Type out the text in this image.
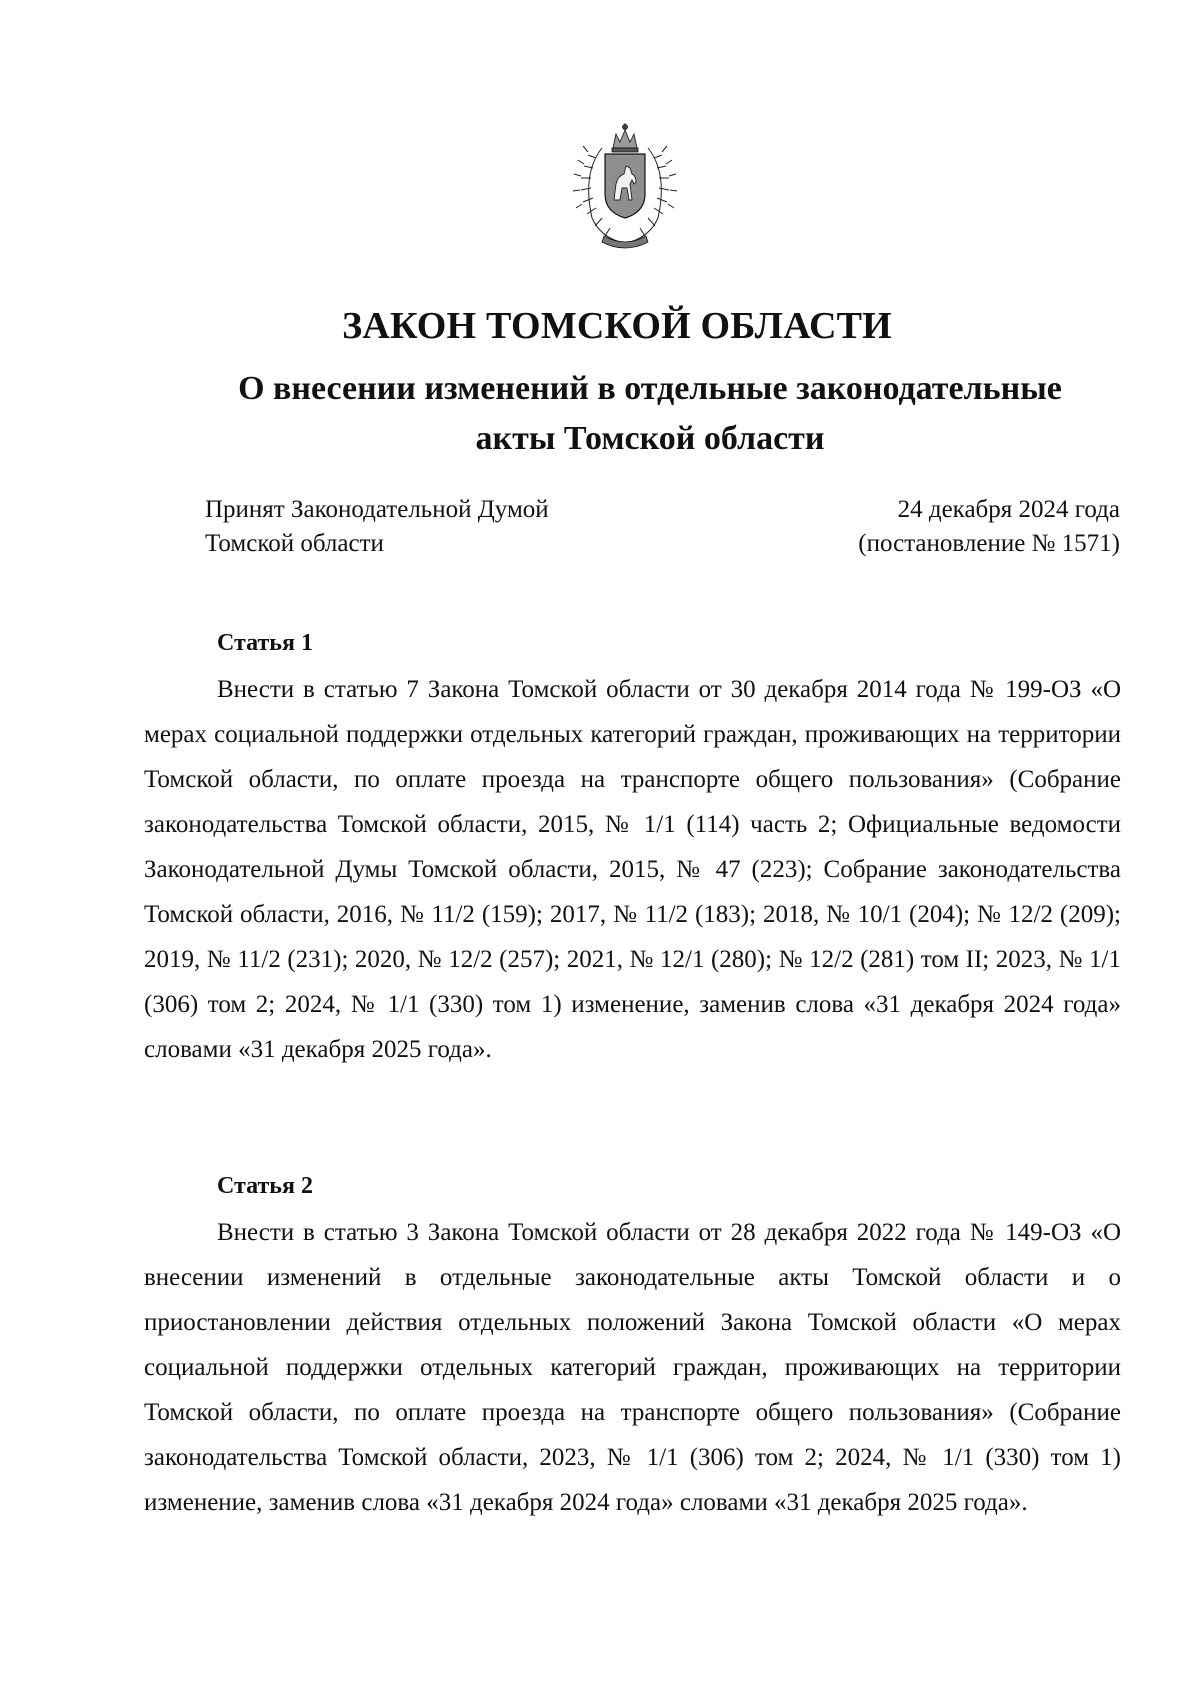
ЗАКОН ТОМСКОЙ ОБЛАСТИ
О внесении изменений в отдельные законодательные
акты Томской области
Принят Законодательной Думой
Томской области
24 декабря 2024 года
(постановление № 1571)
Статья 1

Внести в статью 7 Закона Томской области от 30 декабря 2014 года № 199-ОЗ «О мерах социальной поддержки отдельных категорий граждан, проживающих на территории Томской области, по оплате проезда на транспорте общего пользования» (Собрание законодательства Томской области, 2015, № 1/1 (114) часть 2; Официальные ведомости Законодательной Думы Томской области, 2015, № 47 (223); Собрание законодательства Томской области, 2016, № 11/2 (159); 2017, № 11/2 (183); 2018, № 10/1 (204); № 12/2 (209); 2019, № 11/2 (231); 2020, № 12/2 (257); 2021, № 12/1 (280); № 12/2 (281) том II; 2023, № 1/1 (306) том 2; 2024, № 1/1 (330) том 1) изменение, заменив слова «31 декабря 2024 года» словами «31 декабря 2025 года».

Статья 2

Внести в статью 3 Закона Томской области от 28 декабря 2022 года № 149-ОЗ «О внесении изменений в отдельные законодательные акты Томской области и о приостановлении действия отдельных положений Закона Томской области «О мерах социальной поддержки отдельных категорий граждан, проживающих на территории Томской области, по оплате проезда на транспорте общего пользования» (Собрание законодательства Томской области, 2023, № 1/1 (306) том 2; 2024, № 1/1 (330) том 1) изменение, заменив слова «31 декабря 2024 года» словами «31 декабря 2025 года».
